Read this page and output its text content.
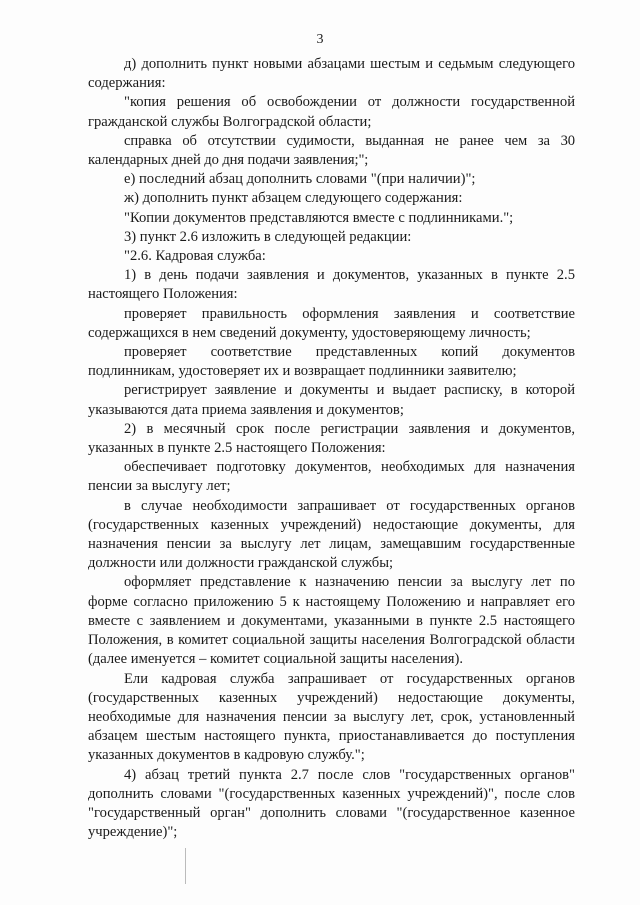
3

д) дополнить пункт новыми абзацами шестым и седьмым следующего содержания:

"копия решения об освобождении от должности государственной гражданской службы Волгоградской области;

справка об отсутствии судимости, выданная не ранее чем за 30 календарных дней до дня подачи заявления;";

е) последний абзац дополнить словами "(при наличии)";

ж) дополнить пункт абзацем следующего содержания:

"Копии документов представляются вместе с подлинниками.";

3) пункт 2.6 изложить в следующей редакции:

"2.6. Кадровая служба:

1) в день подачи заявления и документов, указанных в пункте 2.5 настоящего Положения:

проверяет правильность оформления заявления и соответствие содержащихся в нем сведений документу, удостоверяющему личность;

проверяет соответствие представленных копий документов подлинникам, удостоверяет их и возвращает подлинники заявителю;

регистрирует заявление и документы и выдает расписку, в которой указываются дата приема заявления и документов;

2) в месячный срок после регистрации заявления и документов, указанных в пункте 2.5 настоящего Положения:

обеспечивает подготовку документов, необходимых для назначения пенсии за выслугу лет;

в случае необходимости запрашивает от государственных органов (государственных казенных учреждений) недостающие документы, для назначения пенсии за выслугу лет лицам, замещавшим государственные должности или должности гражданской службы;

оформляет представление к назначению пенсии за выслугу лет по форме согласно приложению 5 к настоящему Положению и направляет его вместе с заявлением и документами, указанными в пункте 2.5 настоящего Положения, в комитет социальной защиты населения Волгоградской области (далее именуется – комитет социальной защиты населения).

Ели кадровая служба запрашивает от государственных органов (государственных казенных учреждений) недостающие документы, необходимые для назначения пенсии за выслугу лет, срок, установленный абзацем шестым настоящего пункта, приостанавливается до поступления указанных документов в кадровую службу.";

4) абзац третий пункта 2.7 после слов "государственных органов" дополнить словами "(государственных казенных учреждений)", после слов "государственный орган" дополнить словами "(государственное казенное учреждение)";
